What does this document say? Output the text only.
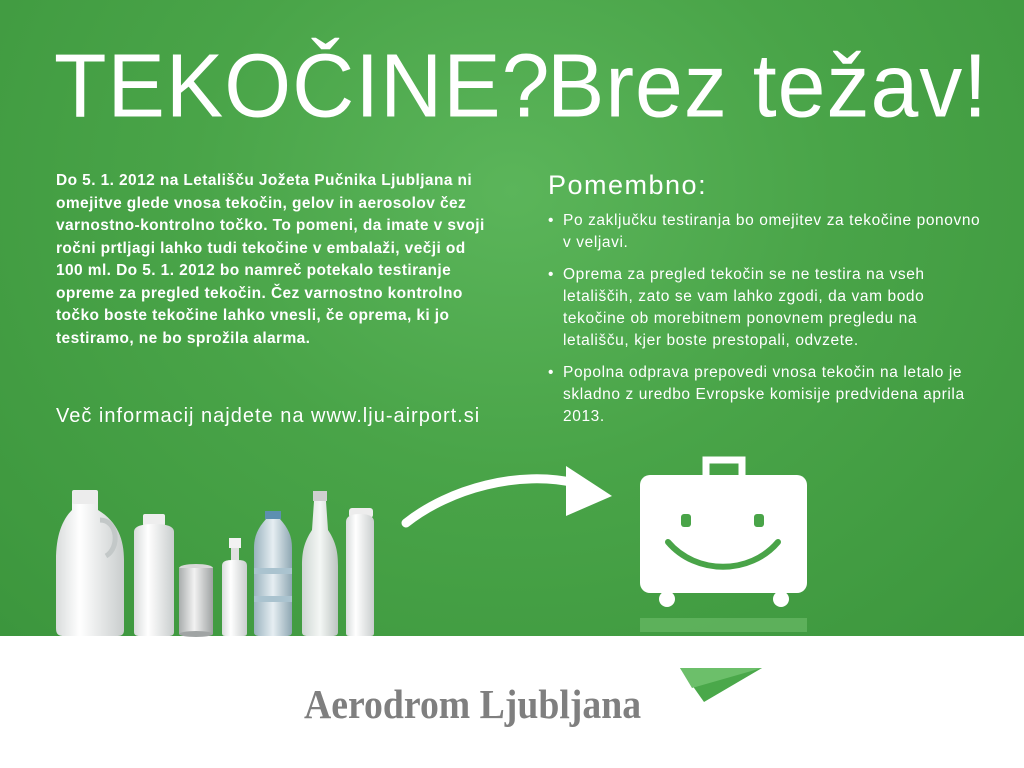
TEKOČINE?
Brez težav!

Do 5. 1. 2012 na Letališču Jožeta Pučnika Ljubljana ni omejitve glede vnosa tekočin, gelov in aerosolov čez varnostno-kontrolno točko. To pomeni, da imate v svoji ročni prtljagi lahko tudi tekočine v embalaži, večji od 100 ml. Do 5. 1. 2012 bo namreč potekalo testiranje opreme za pregled tekočin. Čez varnostno kontrolno točko boste tekočine lahko vnesli, če oprema, ki jo testiramo, ne bo sprožila alarma.

Več informacij najdete na www.lju-airport.si
Pomembno:
• Po zaključku testiranja bo omejitev za tekočine ponovno v veljavi.
• Oprema za pregled tekočin se ne testira na vseh letališčih, zato se vam lahko zgodi, da vam bodo tekočine ob morebitnem ponovnem pregledu na letališču, kjer boste prestopali, odvzete.
• Popolna odprava prepovedi vnosa tekočin na letalo je skladno z uredbo Evropske komisije predvidena aprila 2013.
Aerodrom Ljubljana
